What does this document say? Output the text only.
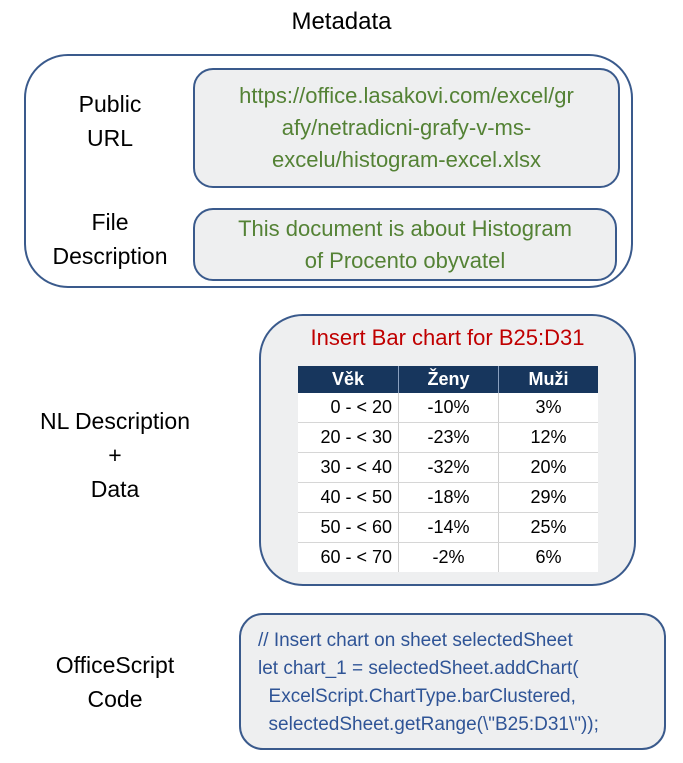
Metadata
Public
URL
https://office.lasakovi.com/excel/gr
afy/netradicni-grafy-v-ms-
excelu/histogram-excel.xlsx
File
Description
This document is about Histogram
of Procento obyvatel
NL Description
+
Data
Insert Bar chart for B25:D31
Věk	Ženy	Muži
0 - < 20	-10%	3%
20 - < 30	-23%	12%
30 - < 40	-32%	20%
40 - < 50	-18%	29%
50 - < 60	-14%	25%
60 - < 70	-2%	6%
OfficeScript
Code
// Insert chart on sheet selectedSheet
let chart_1 = selectedSheet.addChart(
ExcelScript.ChartType.barClustered,
selectedSheet.getRange(\"B25:D31\"));
